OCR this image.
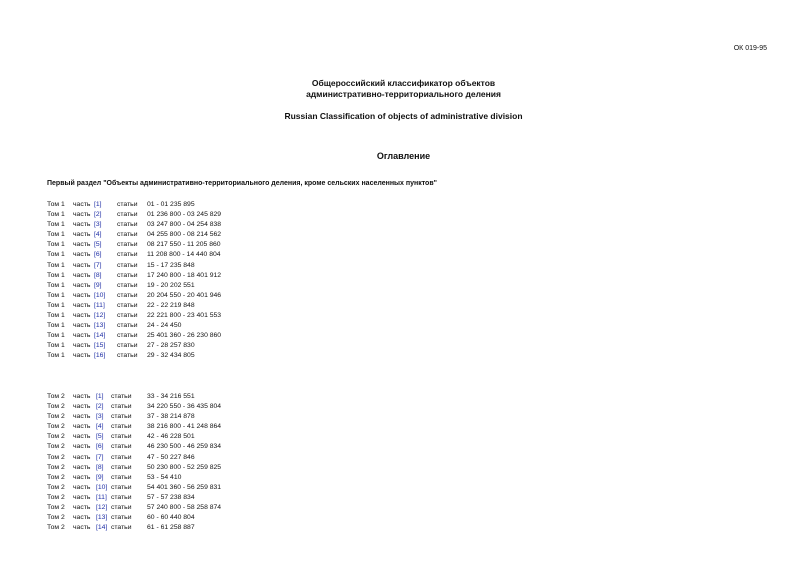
ОК 019-95
Общероссийский классификатор объектов
административно-территориального деления
Russian Classification of objects of administrative division
Оглавление
Первый раздел "Объекты административно-территориального деления, кроме сельских населенных пунктов"
Том 1 часть [1] статьи 01 - 01 235 895
Том 1 часть [2] статьи 01 236 800 - 03 245 829
Том 1 часть [3] статьи 03 247 800 - 04 254 838
Том 1 часть [4] статьи 04 255 800 - 08 214 562
Том 1 часть [5] статьи 08 217 550 - 11 205 860
Том 1 часть [6] статьи 11 208 800 - 14 440 804
Том 1 часть [7] статьи 15 - 17 235 848
Том 1 часть [8] статьи 17 240 800 - 18 401 912
Том 1 часть [9] статьи 19 - 20 202 551
Том 1 часть [10] статьи 20 204 550 - 20 401 946
Том 1 часть [11] статьи 22 - 22 219 848
Том 1 часть [12] статьи 22 221 800 - 23 401 553
Том 1 часть [13] статьи 24 - 24 450
Том 1 часть [14] статьи 25 401 360 - 26 230 860
Том 1 часть [15] статьи 27 - 28 257 830
Том 1 часть [16] статьи 29 - 32 434 805
Том 2 часть [1] статьи 33 - 34 216 551
Том 2 часть [2] статьи 34 220 550 - 36 435 804
Том 2 часть [3] статьи 37 - 38 214 878
Том 2 часть [4] статьи 38 216 800 - 41 248 864
Том 2 часть [5] статьи 42 - 46 228 501
Том 2 часть [6] статьи 46 230 500 - 46 259 834
Том 2 часть [7] статьи 47 - 50 227 846
Том 2 часть [8] статьи 50 230 800 - 52 259 825
Том 2 часть [9] статьи 53 - 54 410
Том 2 часть [10] статьи 54 401 360 - 56 259 831
Том 2 часть [11] статьи 57 - 57 238 834
Том 2 часть [12] статьи 57 240 800 - 58 258 874
Том 2 часть [13] статьи 60 - 60 440 804
Том 2 часть [14] статьи 61 - 61 258 887
